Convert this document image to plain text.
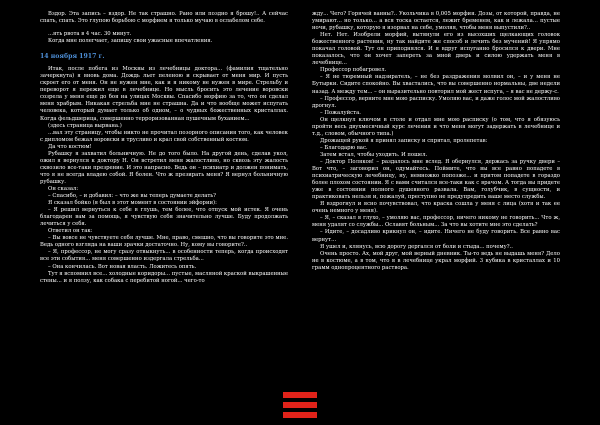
Вздор. Эта запись – вздор. Не так страшно. Рано или поздно я брошу!.. А сейчас спать, спать. Это глупою борьбою с морфием я только мучаю в ослабелом себе.

...ять рвота в 4 час. 30 минут.

Когда мне полегчает, запишу свои ужасные впечатления.

14 ноября 1917 г.

Итак, после побега из Москвы из лечебницы доктора... (фамилия тщательно зачеркнута) я вновь дома. Дождь льет пеленою и скрывает от меня мир. И пусть скроет его от меня. Он не нужен мне, как и я никому не нужен в мире. Стрельбу и переворот я пережил еще в лечебнице. Но мысль бросить это лечение воровски созрела у меня еще до боя на улицах Москвы. Спасибо морфию за то, что он сделал меня храбрым. Никакая стрельба мне не страшна. Да и что вообще может испугать человека, который думает только об одном, – о чудных божественных кристаллах. Когда фельдшерица, совершенно терроризованная пушечным буханием...

(здесь страница вырвана.)

...вал эту страницу, чтобы никто не прочитал позорного описания того, как человек с дипломом бежал воровски и трусливо и крал свой собственный костюм.

Да что костюм!

Рубашку я захватил больничную. Не до того было. На другой день, сделав укол, ожил я вернулся к доктору Н. Он встретил меня жалостливо, но сквозь эту жалость сквозило все-таки презрение. И это напрасно. Ведь он – психиатр и должен понимать, что я не всегда владею собой. Я болен. Что ж презирать меня? Я вернул больничную рубашку.

Он сказал:

– Спасибо, – и добавил: – что же вы теперь думаете делать?

Я сказал бойко (я был в этот момент в состоянии эйфории):

– Я решил вернуться к себе в глушь, тем более, что отпуск мой истек. Я очень благодарен вам за помощь, я чувствую себя значительно лучше. Буду продолжать лечиться у себя.

Ответил он так:

– Вы вовсе не чувствуете себя лучше. Мне, право, смешно, что вы говорите это мне. Ведь одного взгляда на ваши зрачки достаточно. Ну, кому вы говорите?..

– Я, профессор, не могу сразу отвыкнуть... в особенности теперь, когда происходят все эти события... меня совершенно издергала стрельба...

– Она кончилась. Вот новая власть. Ложитесь опять.

Тут я вспомнил все... холодные коридоры... пустые, масляной краской выкрашенные стены... и я ползу, как собака с перебитой ногой... чего-то

жду... Чего? Горячей ванны?.. Укольчика в 0,005 морфия. Дозы, от которой, правда, не умирают... но только... а вся тоска остается, лежит бременем, как и лежала... пустые ночи, рубашку, которую я изорвал на себе, умоляя, чтобы меня выпустили?..

Нет. Нет. Изобрели морфий, вытянули его из высохших щелкающих головок божественного растения, ну так найдите же способ и лечить без мучений! Я упрямо покачал головой. Тут он приподнялся. И я вдруг испуганно бросился к двери. Мне показалось, что он хочет запереть за мной дверь и силою удержать меня в лечебнице...

Профессор побагровел.

– Я не тюремный надзиратель, – не без раздражения молвил он, – и у меня не Бутырки. Сидите спокойно. Вы хвастались, что вы совершенно нормальны, две недели назад. А между тем... – он выразительно повторил мой жест испуга, – я вас не держу-с.

– Профессор, верните мне мою расписку. Умоляю вас, и даже голос мой жалостливо дрогнул.

– Пожалуйста.

Он щелкнул ключом в столе и отдал мне мою расписку (о том, что я обязуюсь пройти весь двухмесячный курс лечения и что меня могут задержать в лечебнице и т.д., словом, обычного типа.)

Дрожащей рукой я принял записку и спрятал, пролепетав:

– Благодарю вас.

Затем встал, чтобы уходить. И пошел.

– Доктор Поляков! – раздалось мне вслед. Я обернулся, держась за ручку двери – Вот что, – заговорил он, одумайтесь. Поймите, что вы все равно попадете в психиатрическую лечебницу, ну, немножко попозже... и притом попадете в гораздо более плохом состоянии. Я с вами считался все-таки как с врачом. А тогда вы придете уже в состоянии полного душевного развала. Вам, голубчик, в сущности, и практиковать нельзя и, пожалуй, преступно не предупредить ваше место службы.

Я вздрогнул и ясно почувствовал, что краска сошла у меня с лица (хотя и так ее очень немного у меня).

– Я, – сказал я глухо, – умоляю вас, профессор, ничего никому не говорить... Что ж, меня удалят со службы... Ославят больным... За что вы хотите мне это сделать?

– Идите, – досадливо крикнул он, – идите. Ничего не буду говорить. Все равно вас вернут...

Я ушел и, клянусь, всю дорогу дергался от боли и стыда... почему?..

Очень просто. Ах, мой друг, мой верный дневник. Ты-то ведь не выдашь меня? Дело не в костюме, а в том, что я в лечебнице украл морфий. 3 кубика в кристаллах и 10 грамм однопроцентного раствора.
